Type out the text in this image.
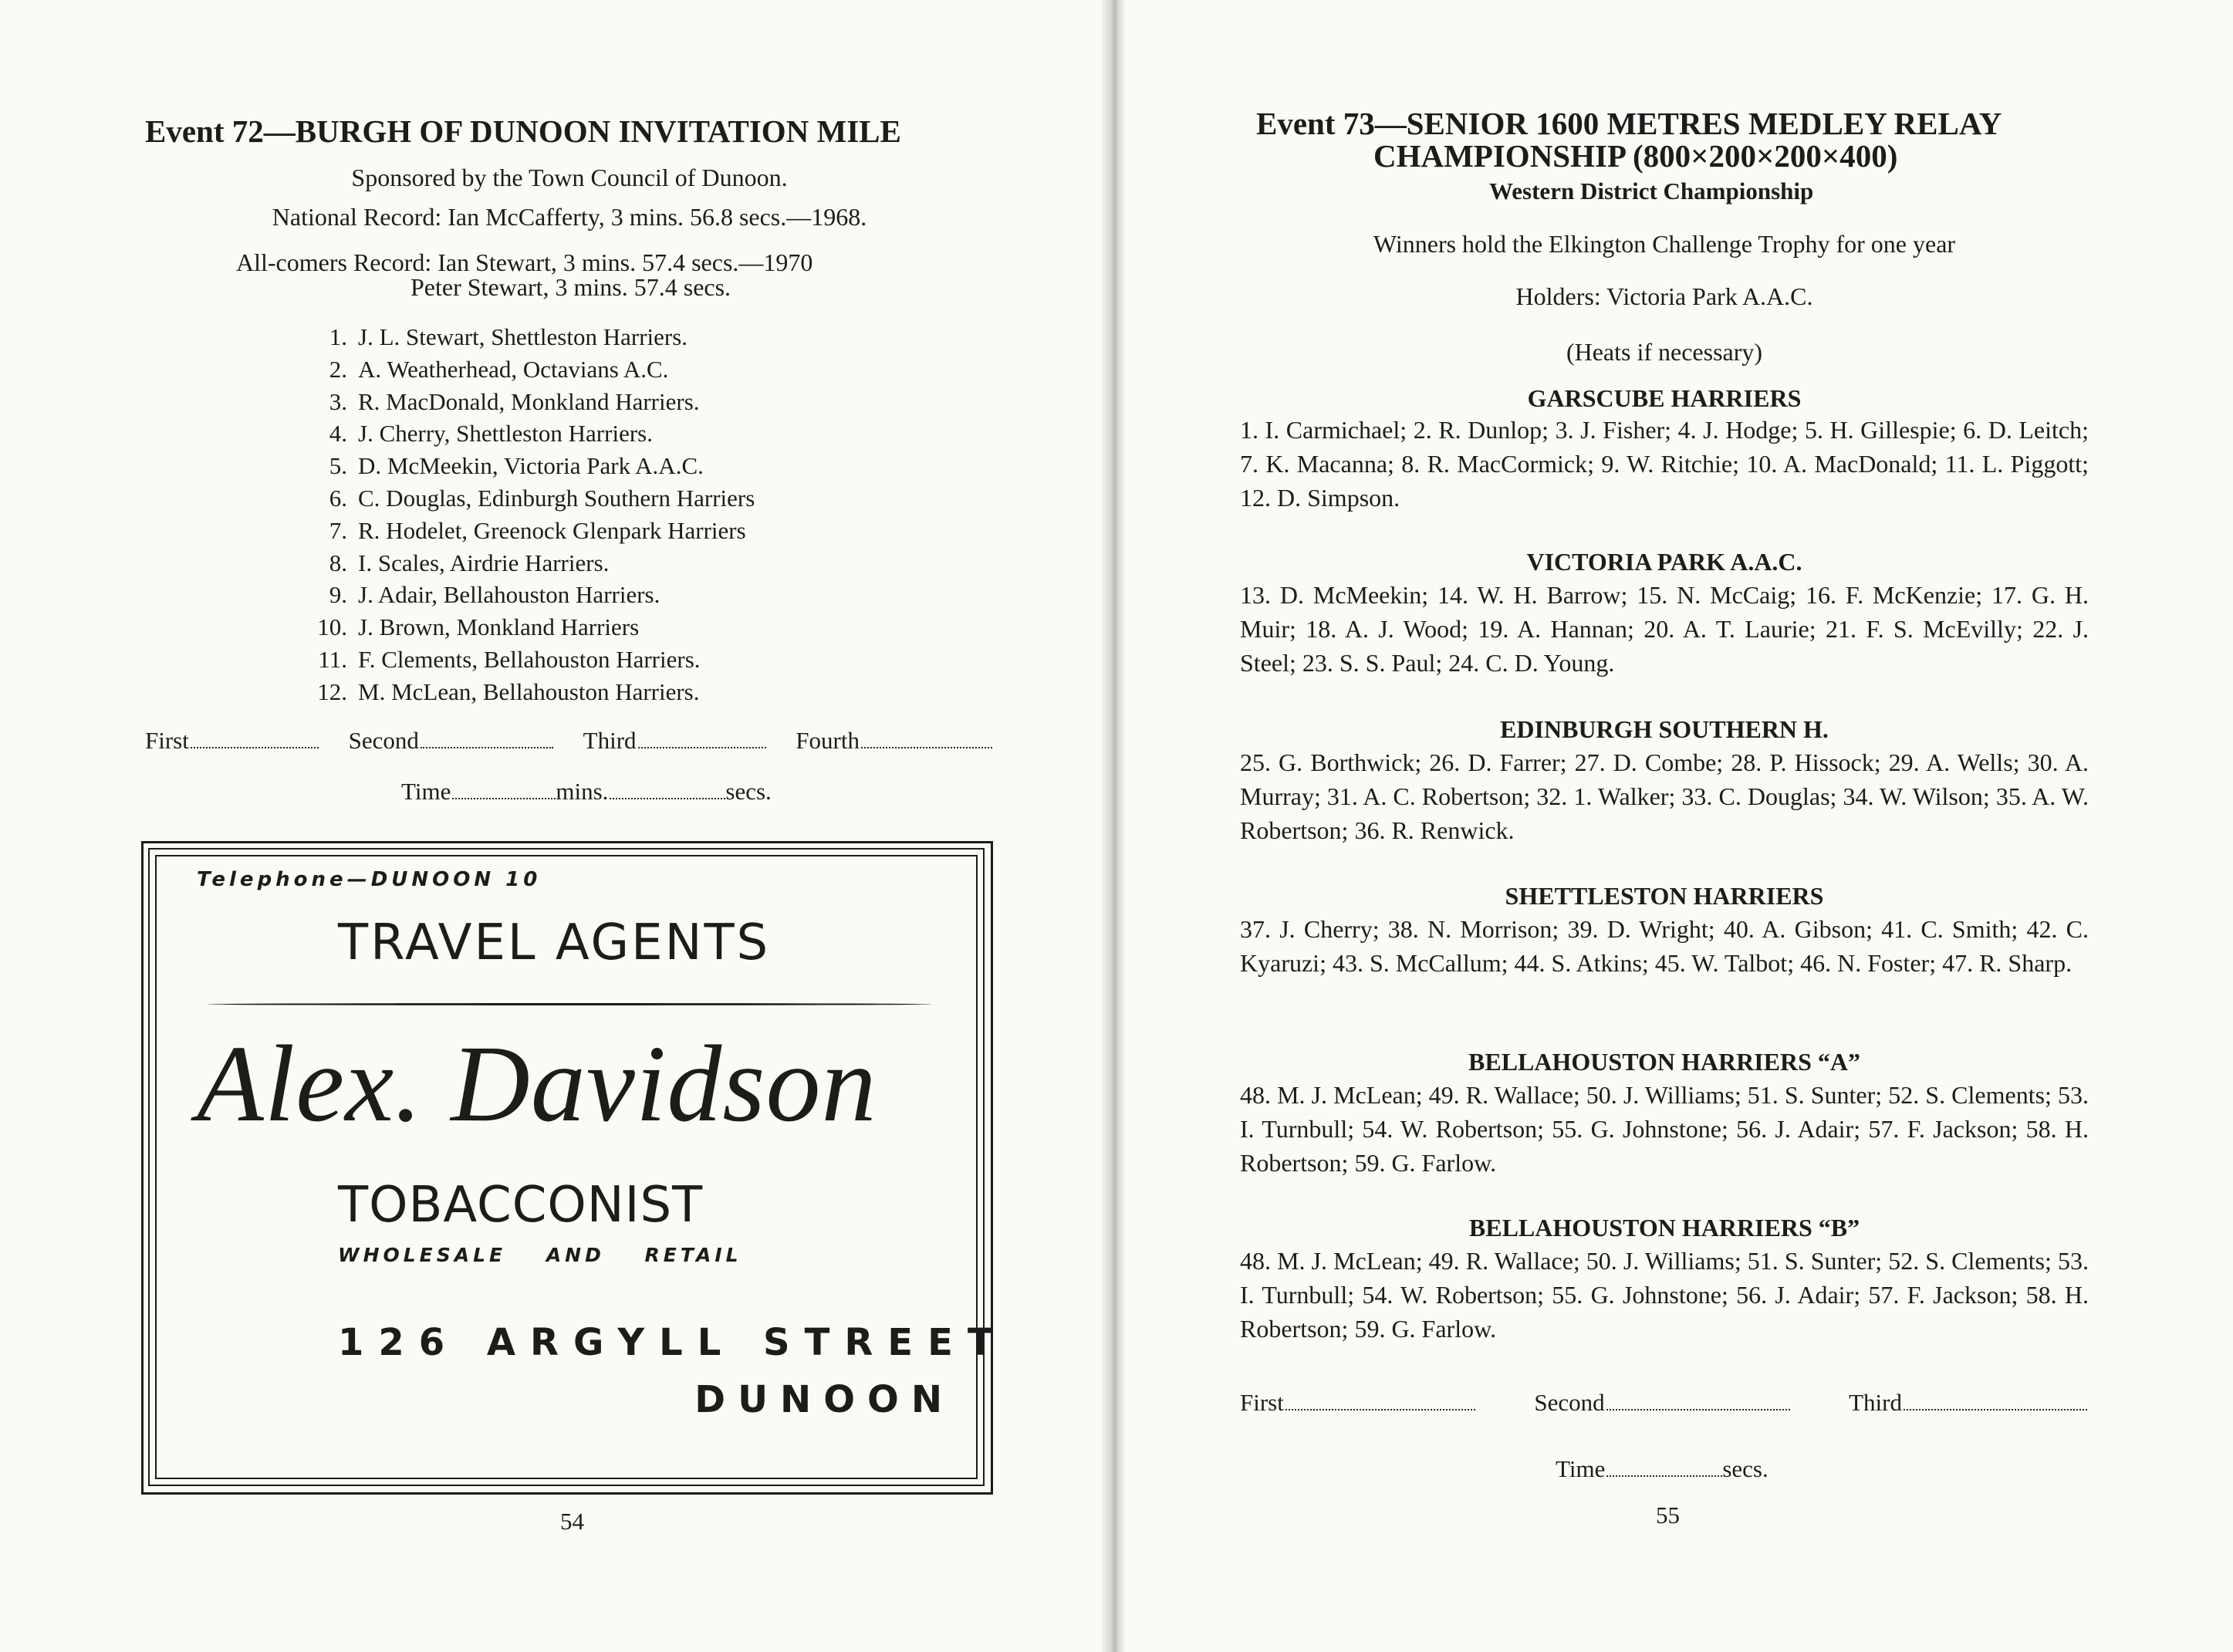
Event 72—BURGH OF DUNOON INVITATION MILE
Sponsored by the Town Council of Dunoon.
National Record: Ian McCafferty, 3 mins. 56.8 secs.—1968.
All-comers Record: Ian Stewart, 3 mins. 57.4 secs.—1970
Peter Stewart, 3 mins. 57.4 secs.
1. J. L. Stewart, Shettleston Harriers.
2. A. Weatherhead, Octavians A.C.
3. R. MacDonald, Monkland Harriers.
4. J. Cherry, Shettleston Harriers.
5. D. McMeekin, Victoria Park A.A.C.
6. C. Douglas, Edinburgh Southern Harriers
7. R. Hodelet, Greenock Glenpark Harriers
8. I. Scales, Airdrie Harriers.
9. J. Adair, Bellahouston Harriers.
10. J. Brown, Monkland Harriers
11. F. Clements, Bellahouston Harriers.
12. M. McLean, Bellahouston Harriers.
First	Second	Third	Fourth
Time	mins.	secs.
Telephone—DUNOON 10
TRAVEL AGENTS
Alex. Davidson
TOBACCONIST
WHOLESALE AND RETAIL
126 ARGYLL STREET
DUNOON
54
Event 73—SENIOR 1600 METRES MEDLEY RELAY
CHAMPIONSHIP (800×200×200×400)
Western District Championship
Winners hold the Elkington Challenge Trophy for one year
Holders: Victoria Park A.A.C.
(Heats if necessary)
GARSCUBE HARRIERS
1. I. Carmichael; 2. R. Dunlop; 3. J. Fisher; 4. J. Hodge; 5. H. Gillespie; 6. D. Leitch; 7. K. Macanna; 8. R. MacCormick; 9. W. Ritchie; 10. A. MacDonald; 11. L. Piggott; 12. D. Simpson.
VICTORIA PARK A.A.C.
13. D. McMeekin; 14. W. H. Barrow; 15. N. McCaig; 16. F. McKenzie; 17. G. H. Muir; 18. A. J. Wood; 19. A. Hannan; 20. A. T. Laurie; 21. F. S. McEvilly; 22. J. Steel; 23. S. S. Paul; 24. C. D. Young.
EDINBURGH SOUTHERN H.
25. G. Borthwick; 26. D. Farrer; 27. D. Combe; 28. P. Hissock; 29. A. Wells; 30. A. Murray; 31. A. C. Robertson; 32. 1. Walker; 33. C. Douglas; 34. W. Wilson; 35. A. W. Robertson; 36. R. Renwick.
SHETTLESTON HARRIERS
37. J. Cherry; 38. N. Morrison; 39. D. Wright; 40. A. Gibson; 41. C. Smith; 42. C. Kyaruzi; 43. S. McCallum; 44. S. Atkins; 45. W. Talbot; 46. N. Foster; 47. R. Sharp.
BELLAHOUSTON HARRIERS “A”
48. M. J. McLean; 49. R. Wallace; 50. J. Williams; 51. S. Sunter; 52. S. Clements; 53. I. Turnbull; 54. W. Robertson; 55. G. Johnstone; 56. J. Adair; 57. F. Jackson; 58. H. Robertson; 59. G. Farlow.
BELLAHOUSTON HARRIERS “B”
48. M. J. McLean; 49. R. Wallace; 50. J. Williams; 51. S. Sunter; 52. S. Clements; 53. I. Turnbull; 54. W. Robertson; 55. G. Johnstone; 56. J. Adair; 57. F. Jackson; 58. H. Robertson; 59. G. Farlow.
First	Second	Third
Time	secs.
55
